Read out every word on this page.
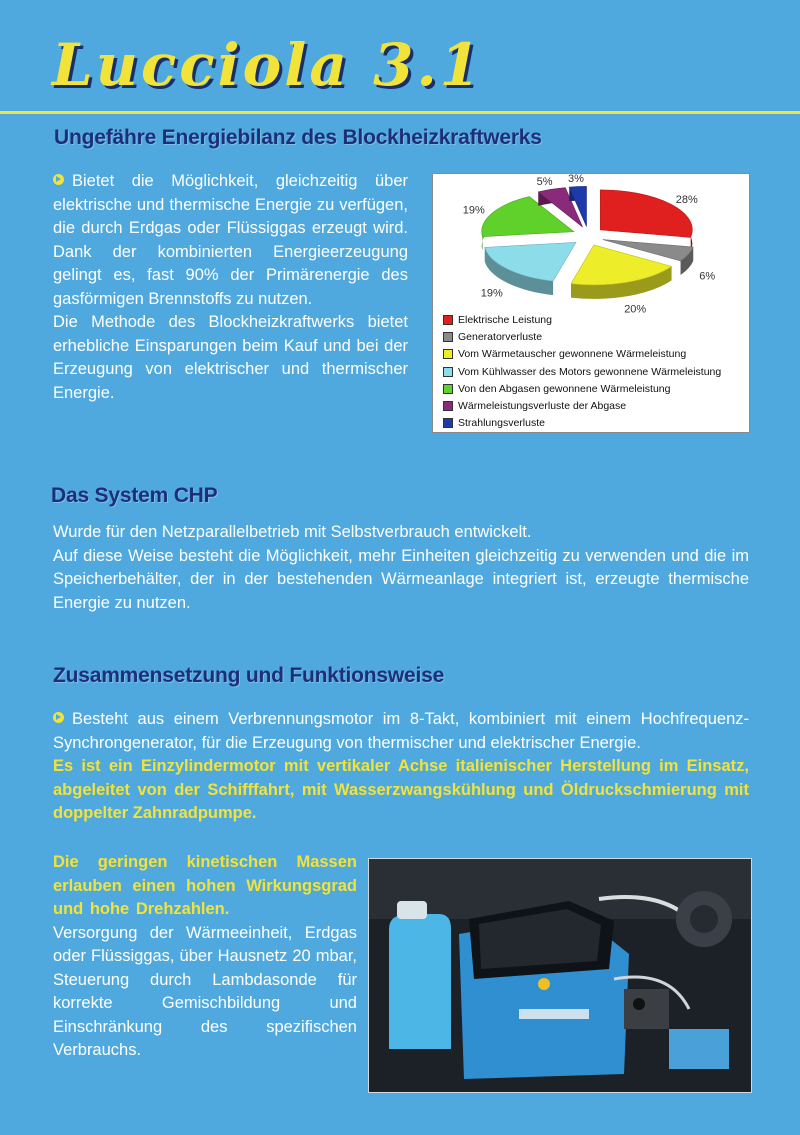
Lucciola 3.1
Ungefähre Energiebilanz des Blockheizkraftwerks
Bietet die Möglichkeit, gleichzeitig über elektrische und thermische Energie zu verfügen, die durch Erdgas oder Flüssiggas erzeugt wird. Dank der kombinierten Energieerzeugung gelingt es, fast 90% der Primärenergie des gasförmigen Brennstoffs zu nutzen.
Die Methode des Blockheizkraftwerks bietet erhebliche Einsparungen beim Kauf und bei der Erzeugung von elektrischer und thermischer Energie.
28%
6%
20%
19%
19%
5% 3%
Elektrische Leistung
Generatorverluste
Vom Wärmetauscher gewonnene Wärmeleistung
Vom Kühlwasser des Motors gewonnene Wärmeleistung
Von den Abgasen gewonnene Wärmeleistung
Wärmeleistungsverluste der Abgase
Strahlungsverluste
Das System CHP
Wurde für den Netzparallelbetrieb mit Selbstverbrauch entwickelt.
Auf diese Weise besteht die Möglichkeit, mehr Einheiten gleichzeitig zu verwenden und die im Speicherbehälter, der in der bestehenden Wärmeanlage integriert ist, erzeugte thermische Energie zu nutzen.
Zusammensetzung und Funktionsweise
Besteht aus einem Verbrennungsmotor im 8-Takt, kombiniert mit einem Hochfrequenz-Synchrongenerator, für die Erzeugung von thermischer und elektrischer Energie.
Es ist ein Einzylindermotor mit vertikaler Achse italienischer Herstellung im Einsatz, abgeleitet von der Schifffahrt, mit Wasserzwangskühlung und Öldruckschmierung mit doppelter Zahnradpumpe.
Die geringen kinetischen Massen erlauben einen hohen Wirkungsgrad und hohe Drehzahlen.
Versorgung der Wärmeeinheit, Erdgas oder Flüssiggas, über Hausnetz 20 mbar, Steuerung durch Lambdasonde für korrekte Gemischbildung und Einschränkung des spezifischen Verbrauchs.
